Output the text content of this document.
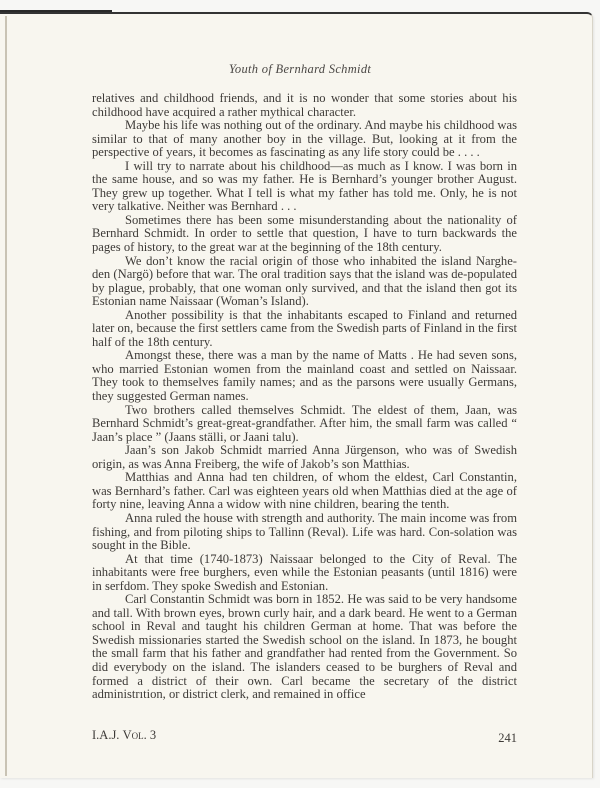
Youth of Bernhard Schmidt

relatives and childhood friends, and it is no wonder that some stories about his childhood have acquired a rather mythical character.

Maybe his life was nothing out of the ordinary. And maybe his childhood was similar to that of many another boy in the village. But, looking at it from the perspective of years, it becomes as fascinating as any life story could be . . . .

I will try to narrate about his childhood—as much as I know. I was born in the same house, and so was my father. He is Bernhard’s younger brother August. They grew up together. What I tell is what my father has told me. Only, he is not very talkative. Neither was Bernhard . . .

Sometimes there has been some misunderstanding about the nationality of Bernhard Schmidt. In order to settle that question, I have to turn backwards the pages of history, to the great war at the beginning of the 18th century.

We don’t know the racial origin of those who inhabited the island Narghe-den (Nargö) before that war. The oral tradition says that the island was de-populated by plague, probably, that one woman only survived, and that the island then got its Estonian name Naissaar (Woman’s Island).

Another possibility is that the inhabitants escaped to Finland and returned later on, because the first settlers came from the Swedish parts of Finland in the first half of the 18th century.

Amongst these, there was a man by the name of Matts . He had seven sons, who married Estonian women from the mainland coast and settled on Naissaar. They took to themselves family names; and as the parsons were usually Germans, they suggested German names.

Two brothers called themselves Schmidt. The eldest of them, Jaan, was Bernhard Schmidt’s great-great-grandfather. After him, the small farm was called “ Jaan’s place ” (Jaans ställi, or Jaani talu).

Jaan’s son Jakob Schmidt married Anna Jürgenson, who was of Swedish origin, as was Anna Freiberg, the wife of Jakob’s son Matthias.

Matthias and Anna had ten children, of whom the eldest, Carl Constantin, was Bernhard’s father. Carl was eighteen years old when Matthias died at the age of forty nine, leaving Anna a widow with nine children, bearing the tenth.

Anna ruled the house with strength and authority. The main income was from fishing, and from piloting ships to Tallinn (Reval). Life was hard. Con-solation was sought in the Bible.

At that time (1740-1873) Naissaar belonged to the City of Reval. The inhabitants were free burghers, even while the Estonian peasants (until 1816) were in serfdom. They spoke Swedish and Estonian.

Carl Constantin Schmidt was born in 1852. He was said to be very handsome and tall. With brown eyes, brown curly hair, and a dark beard. He went to a German school in Reval and taught his children German at home. That was before the Swedish missionaries started the Swedish school on the island. In 1873, he bought the small farm that his father and grandfather had rented from the Government. So did everybody on the island. The islanders ceased to be burghers of Reval and formed a district of their own. Carl became the secretary of the district administrıtion, or district clerk, and remained in office

I.A.J. Vol. 3	241
